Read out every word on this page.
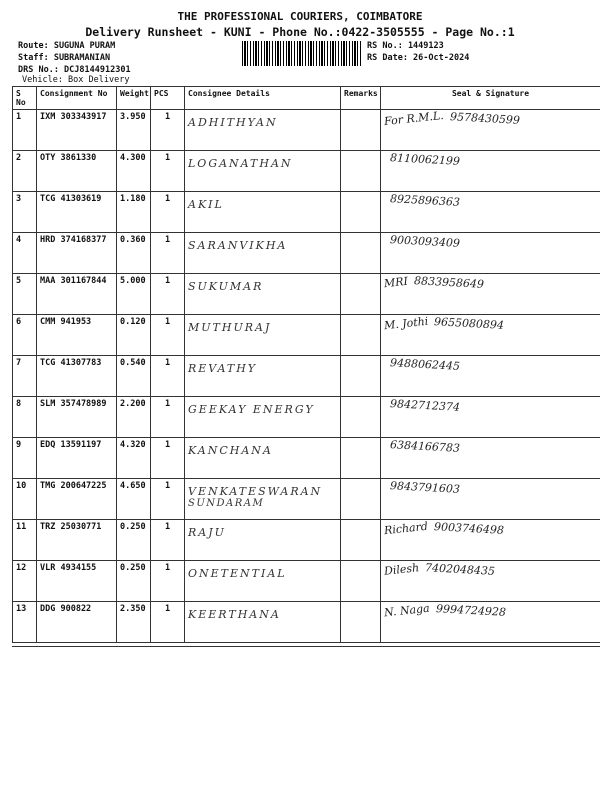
THE PROFESSIONAL COURIERS, COIMBATORE
Delivery Runsheet - KUNI - Phone No.:0422-3505555 - Page No.:1
Route: SUGUNA PURAM
Staff: SUBRAMANIAN
DRS No.: DCJ8144912301
Vehicle: Box Delivery
RS No.: 1449123
RS Date: 26-Oct-2024
S No	Consignment No	Weight	PCS	Consignee Details	Remarks	Seal & Signature
1	IXM 303343917	3.950	1	ADHITHYAN		For R.M.L. 9578430599
2	OTY 3861330	4.300	1	LOGANATHAN		8110062199
3	TCG 41303619	1.180	1	AKIL		8925896363
4	HRD 374168377	0.360	1	SARANVIKHA		9003093409
5	MAA 301167844	5.000	1	SUKUMAR		MRI 8833958649
6	CMM 941953	0.120	1	MUTHURAJ		M. Jothi 9655080894
7	TCG 41307783	0.540	1	REVATHY		9488062445
8	SLM 357478989	2.200	1	GEEKAY ENERGY		9842712374
9	EDQ 13591197	4.320	1	KANCHANA		6384166783
10	TMG 200647225	4.650	1	VENKATESWARAN
SUNDARAM		9843791603
11	TRZ 25030771	0.250	1	RAJU		Richard 9003746498
12	VLR 4934155	0.250	1	ONETENTIAL		Dilesh 7402048435
13	DDG 900822	2.350	1	KEERTHANA		N. Naga 9994724928
